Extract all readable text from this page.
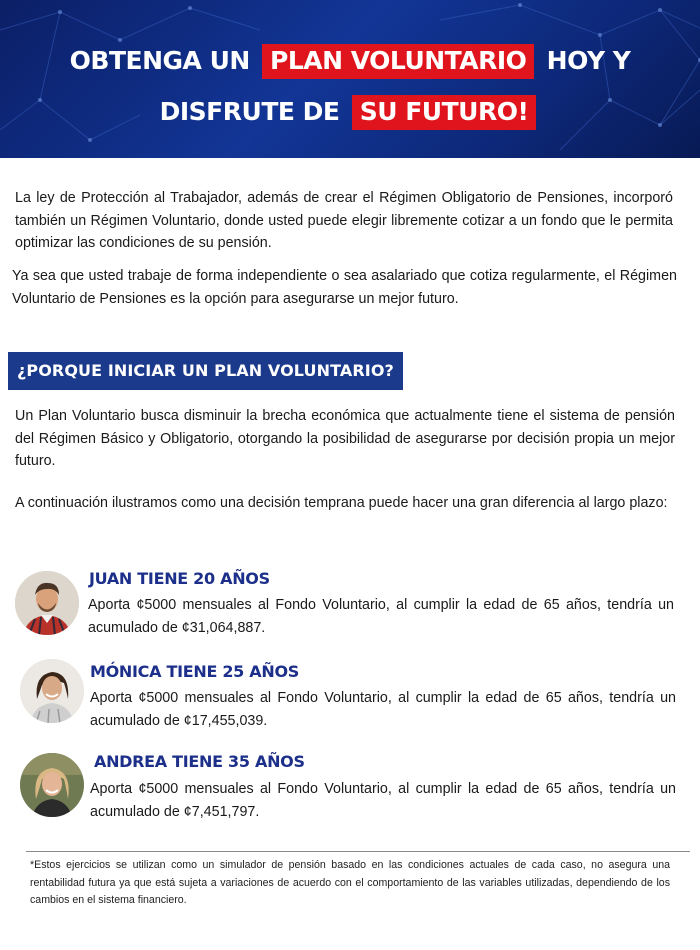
OBTENGA UN PLAN VOLUNTARIO HOY Y
DISFRUTE DE SU FUTURO!

La ley de Protección al Trabajador, además de crear el Régimen Obligatorio de Pensiones, incorporó también un Régimen Voluntario, donde usted puede elegir libremente cotizar a un fondo que le permita optimizar las condiciones de su pensión.

Ya sea que usted trabaje de forma independiente o sea asalariado que cotiza regularmente, el Régimen Voluntario de Pensiones es la opción para asegurarse un mejor futuro.

¿PORQUE INICIAR UN PLAN VOLUNTARIO?

Un Plan Voluntario busca disminuir la brecha económica que actualmente tiene el sistema de pensión del Régimen Básico y Obligatorio, otorgando la posibilidad de asegurarse por decisión propia un mejor futuro.

A continuación ilustramos como una decisión temprana puede hacer una gran diferencia al largo plazo:

JUAN TIENE 20 AÑOS

Aporta ¢5000 mensuales al Fondo Voluntario, al cumplir la edad de 65 años, tendría un acumulado de ¢31,064,887.

MÓNICA TIENE 25 AÑOS

Aporta ¢5000 mensuales al Fondo Voluntario, al cumplir la edad de 65 años, tendría un acumulado de ¢17,455,039.

ANDREA TIENE 35 AÑOS

Aporta ¢5000 mensuales al Fondo Voluntario, al cumplir la edad de 65 años, tendría un acumulado de ¢7,451,797.

*Estos ejercicios se utilizan como un simulador de pensión basado en las condiciones actuales de cada caso, no asegura una rentabilidad futura ya que está sujeta a variaciones de acuerdo con el comportamiento de las variables utilizadas, dependiendo de los cambios en el sistema financiero.
